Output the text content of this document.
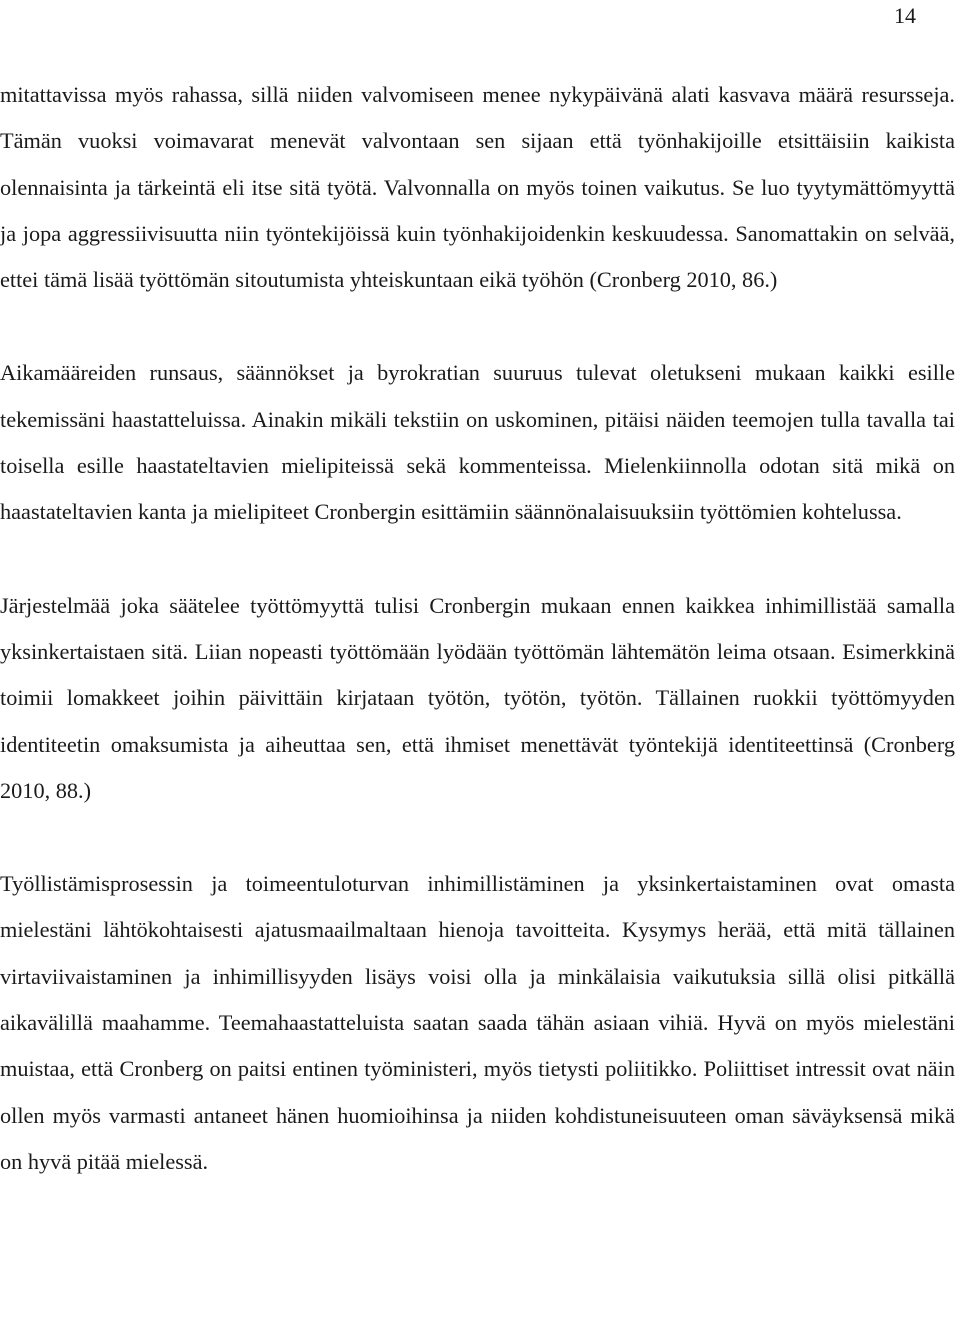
14

mitattavissa myös rahassa, sillä niiden valvomiseen menee nykypäivänä alati kasvava määrä resursseja. Tämän vuoksi voimavarat menevät valvontaan sen sijaan että työnhakijoille etsittäisiin kaikista olennaisinta ja tärkeintä eli itse sitä työtä. Valvonnalla on myös toinen vaikutus. Se luo tyytymättömyyttä ja jopa aggressiivisuutta niin työntekijöissä kuin työnhakijoidenkin keskuudessa. Sanomattakin on selvää, ettei tämä lisää työttömän sitoutumista yhteiskuntaan eikä työhön (Cronberg 2010, 86.)

Aikamääreiden runsaus, säännökset ja byrokratian suuruus tulevat oletukseni mukaan kaikki esille tekemissäni haastatteluissa. Ainakin mikäli tekstiin on uskominen, pitäisi näiden teemojen tulla tavalla tai toisella esille haastateltavien mielipiteissä sekä kommenteissa. Mielenkiinnolla odotan sitä mikä on haastateltavien kanta ja mielipiteet Cronbergin esittämiin säännönalaisuuksiin työttömien kohtelussa.

Järjestelmää joka säätelee työttömyyttä tulisi Cronbergin mukaan ennen kaikkea inhimillistää samalla yksinkertaistaen sitä. Liian nopeasti työttömään lyödään työttömän lähtemätön leima otsaan. Esimerkkinä toimii lomakkeet joihin päivittäin kirjataan työtön, työtön, työtön. Tällainen ruokkii työttömyyden identiteetin omaksumista ja aiheuttaa sen, että ihmiset menettävät työntekijä identiteettinsä (Cronberg 2010, 88.)

Työllistämisprosessin ja toimeentuloturvan inhimillistäminen ja yksinkertaistaminen ovat omasta mielestäni lähtökohtaisesti ajatusmaailmaltaan hienoja tavoitteita. Kysymys herää, että mitä tällainen virtaviivaistaminen ja inhimillisyyden lisäys voisi olla ja minkälaisia vaikutuksia sillä olisi pitkällä aikavälillä maahamme. Teemahaastatteluista saatan saada tähän asiaan vihiä. Hyvä on myös mielestäni muistaa, että Cronberg on paitsi entinen työministeri, myös tietysti poliitikko. Poliittiset intressit ovat näin ollen myös varmasti antaneet hänen huomioihinsa ja niiden kohdistuneisuuteen oman säväyksensä mikä on hyvä pitää mielessä.
